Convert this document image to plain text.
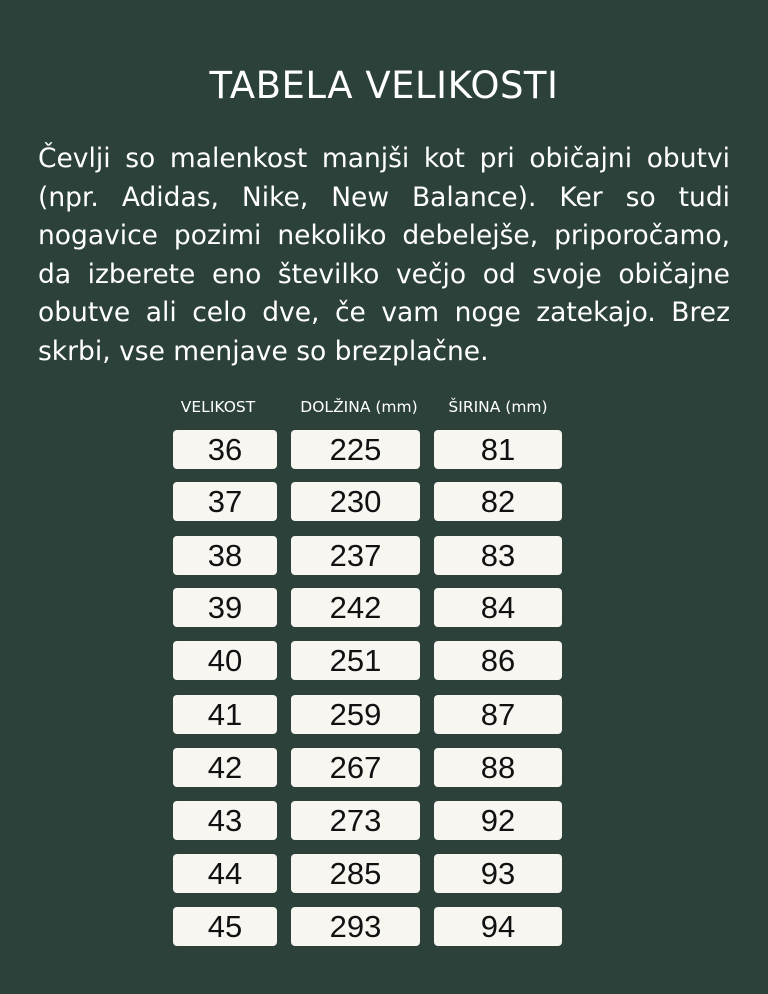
TABELA VELIKOSTI

Čevlji so malenkost manjši kot pri običajni obutvi (npr. Adidas, Nike, New Balance). Ker so tudi nogavice pozimi nekoliko debelejše, priporočamo, da izberete eno številko večjo od svoje običajne obutve ali celo dve, če vam noge zatekajo. Brez skrbi, vse menjave so brezplačne.

VELIKOST	DOLŽINA (mm)	ŠIRINA (mm)
36	225	81
37	230	82
38	237	83
39	242	84
40	251	86
41	259	87
42	267	88
43	273	92
44	285	93
45	293	94
